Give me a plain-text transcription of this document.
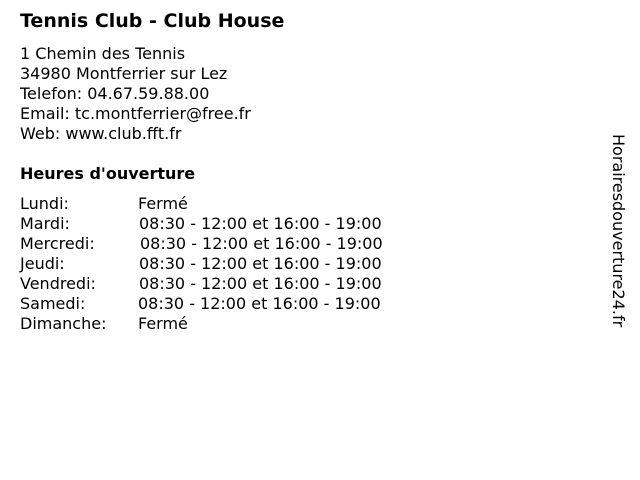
Tennis Club - Club House
1 Chemin des Tennis
34980 Montferrier sur Lez
Telefon: 04.67.59.88.00
Email: tc.montferrier@free.fr
Web: www.club.fft.fr
Heures d'ouverture
Lundi:	Fermé
Mardi:	08:30 - 12:00 et 16:00 - 19:00
Mercredi:	08:30 - 12:00 et 16:00 - 19:00
Jeudi:	08:30 - 12:00 et 16:00 - 19:00
Vendredi:	08:30 - 12:00 et 16:00 - 19:00
Samedi:	08:30 - 12:00 et 16:00 - 19:00
Dimanche: Fermé	Horairesdouverture24.fr
